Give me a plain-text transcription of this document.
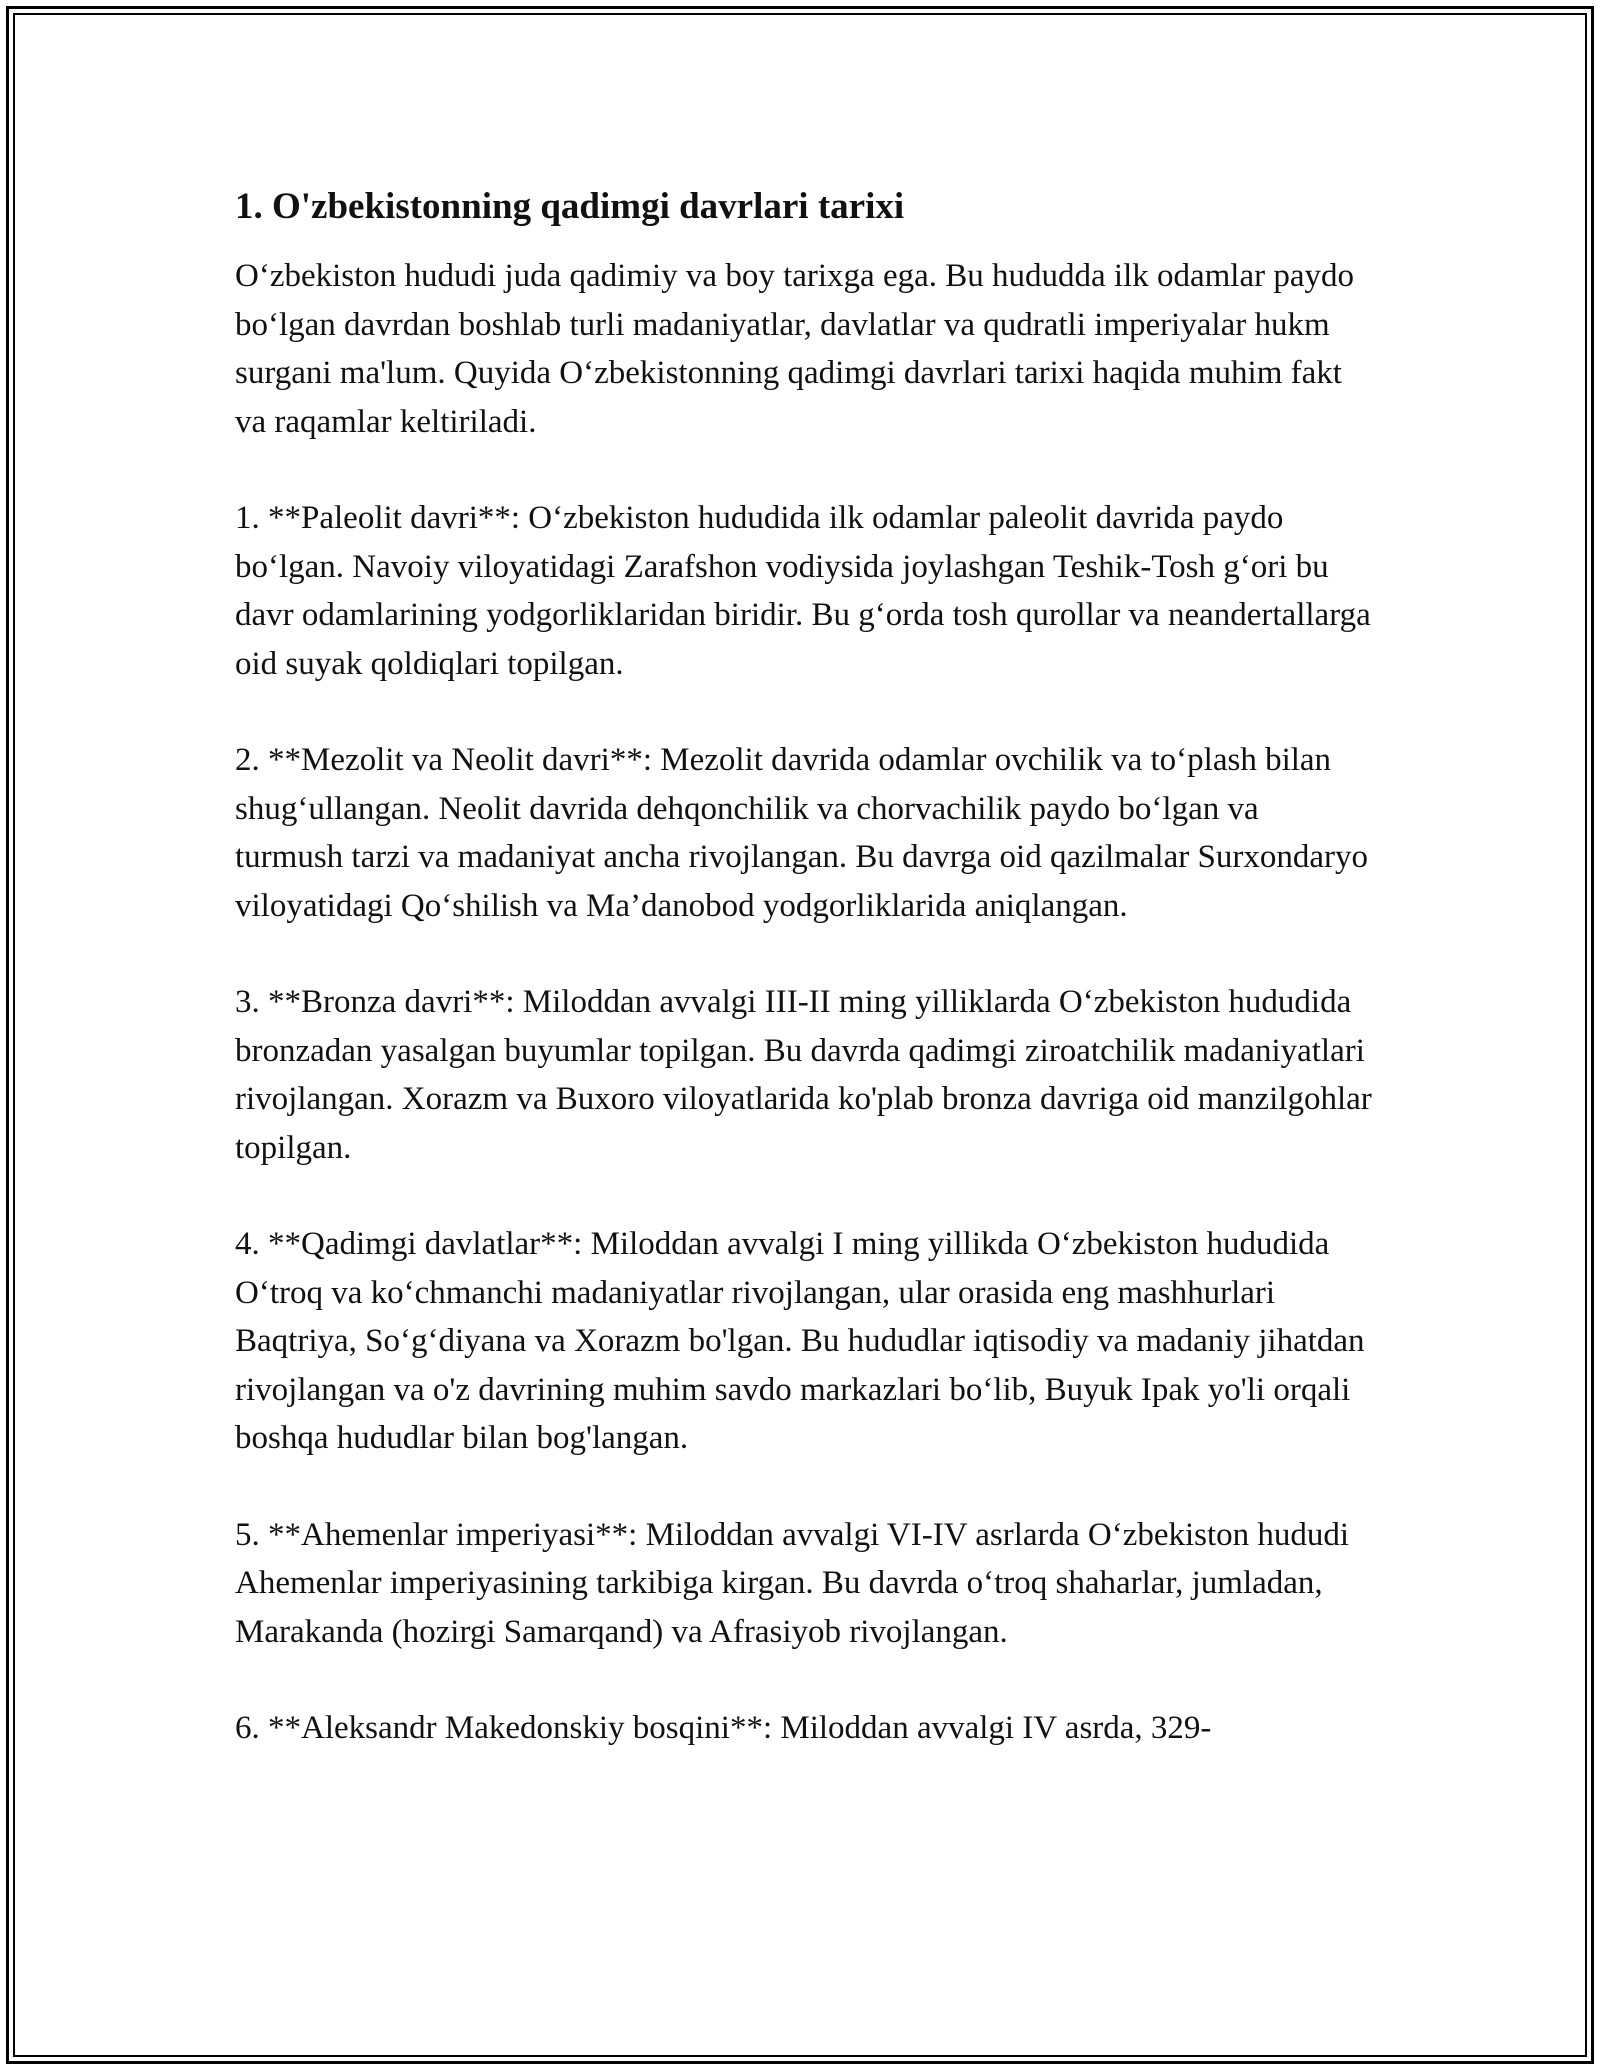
1. O'zbekistonning qadimgi davrlari tarixi

O‘zbekiston hududi juda qadimiy va boy tarixga ega. Bu hududda ilk odamlar paydo bo‘lgan davrdan boshlab turli madaniyatlar, davlatlar va qudratli imperiyalar hukm surgani ma'lum. Quyida O‘zbekistonning qadimgi davrlari tarixi haqida muhim fakt va raqamlar keltiriladi.

1. **Paleolit davri**: O‘zbekiston hududida ilk odamlar paleolit davrida paydo bo‘lgan. Navoiy viloyatidagi Zarafshon vodiysida joylashgan Teshik-Tosh g‘ori bu davr odamlarining yodgorliklaridan biridir. Bu g‘orda tosh qurollar va neandertallarga oid suyak qoldiqlari topilgan.

2. **Mezolit va Neolit davri**: Mezolit davrida odamlar ovchilik va to‘plash bilan shug‘ullangan. Neolit davrida dehqonchilik va chorvachilik paydo bo‘lgan va turmush tarzi va madaniyat ancha rivojlangan. Bu davrga oid qazilmalar Surxondaryo viloyatidagi Qo‘shilish va Ma’danobod yodgorliklarida aniqlangan.

3. **Bronza davri**: Miloddan avvalgi III-II ming yilliklarda O‘zbekiston hududida bronzadan yasalgan buyumlar topilgan. Bu davrda qadimgi ziroatchilik madaniyatlari rivojlangan. Xorazm va Buxoro viloyatlarida ko'plab bronza davriga oid manzilgohlar topilgan.

4. **Qadimgi davlatlar**: Miloddan avvalgi I ming yillikda O‘zbekiston hududida O‘troq va ko‘chmanchi madaniyatlar rivojlangan, ular orasida eng mashhurlari Baqtriya, So‘g‘diyana va Xorazm bo'lgan. Bu hududlar iqtisodiy va madaniy jihatdan rivojlangan va o'z davrining muhim savdo markazlari bo‘lib, Buyuk Ipak yo'li orqali boshqa hududlar bilan bog'langan.

5. **Ahemenlar imperiyasi**: Miloddan avvalgi VI-IV asrlarda O‘zbekiston hududi Ahemenlar imperiyasining tarkibiga kirgan. Bu davrda o‘troq shaharlar, jumladan, Marakanda (hozirgi Samarqand) va Afrasiyob rivojlangan.

6. **Aleksandr Makedonskiy bosqini**: Miloddan avvalgi IV asrda, 329-
